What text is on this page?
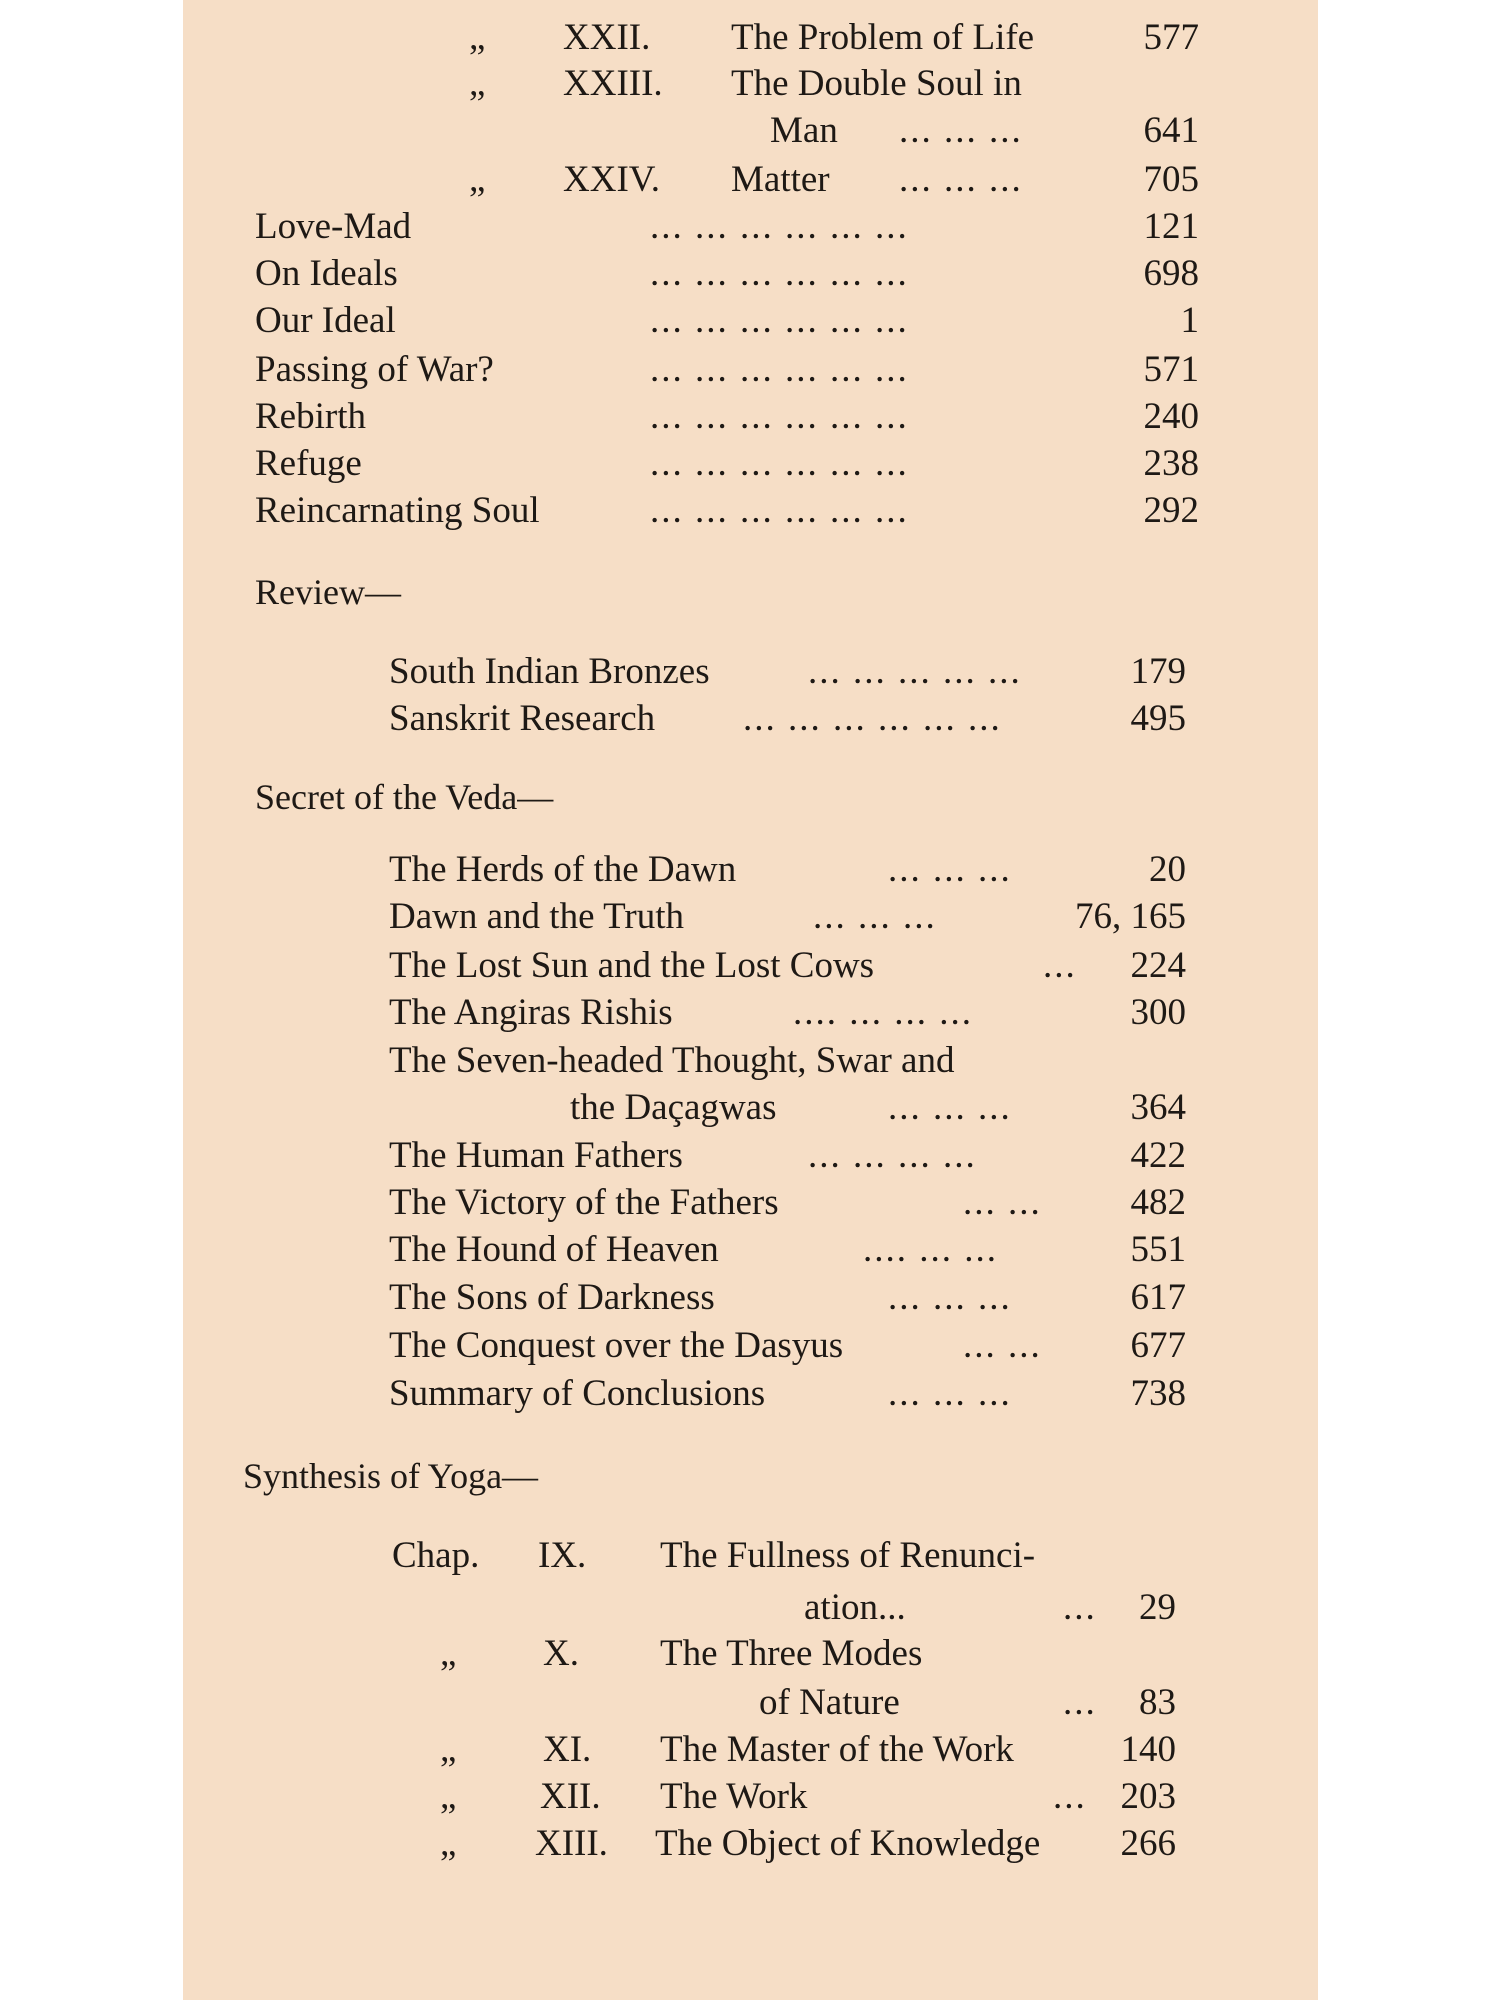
„ XXII. The Problem of Life	577
„ XXIII. The Double Soul in
Man ... ... ...	641
„ XXIV. Matter ... ... ...	705
Love-Mad	... ... ... ... ... ...	121
On Ideals	... ... ... ... ... ...	698
Our Ideal	... ... ... ... ... ...	1
Passing of War?	... ... ... ... ... ...	571
Rebirth	... ... ... ... ... ...	240
Refuge	... ... ... ... ... ...	238
Reincarnating Soul	... ... ... ... ... ...	292
Review—
South Indian Bronzes	... ... ... ... ...	179
Sanskrit Research ... ... ... ... ... ...	495
Secret of the Veda—
The Herds of the Dawn	... ... ...	20
Dawn and the Truth	... ... ...	76, 165
The Lost Sun and the Lost Cows	... 224
The Angiras Rishis	.... ... ... ...	300
The Seven-headed Thought, Swar and
the Daçagwas	... ... ...	364
The Human Fathers	... ... ... ...	422
The Victory of the Fathers	... ... 482
The Hound of Heaven	.... ... ...	551
The Sons of Darkness	... ... ...	617
The Conquest over the Dasyus	... ... 677
Summary of Conclusions	... ... ...	738
Synthesis of Yoga—
Chap. IX. The Fullness of Renunci-
ation...	... 29
„ X. The Three Modes
of Nature	... 83
„ XI. The Master of the Work	140
„ XII. The Work	... 203
„ XIII. The Object of Knowledge 266
